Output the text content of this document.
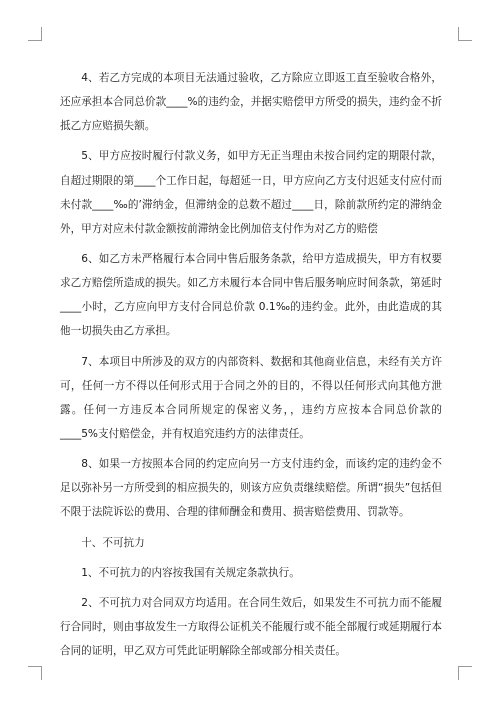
4、若乙方完成的本项目无法通过验收，乙方除应立即返工直至验收合格外，还应承担本合同总价款____%的违约金，并据实赔偿甲方所受的损失，违约金不折抵乙方应赔损失额。

5、甲方应按时履行付款义务，如甲方无正当理由未按合同约定的期限付款，自超过期限的第____个工作日起，每超延一日，甲方应向乙方支付迟延支付应付而未付款____‰的’滞纳金，但滞纳金的总数不超过____日，除前款所约定的滞纳金外，甲方对应未付款金额按前滞纳金比例加倍支付作为对乙方的赔偿

6、如乙方未严格履行本合同中售后服务条款，给甲方造成损失，甲方有权要求乙方赔偿所造成的损失。如乙方未履行本合同中售后服务响应时间条款，第延时____小时，乙方应向甲方支付合同总价款 0.1‰的违约金。此外，由此造成的其他一切损失由乙方承担。

7、本项目中所涉及的双方的内部资料、数据和其他商业信息，未经有关方许可，任何一方不得以任何形式用于合同之外的目的，不得以任何形式向其他方泄露。任何一方违反本合同所规定的保密义务，，违约方应按本合同总价款的____5%支付赔偿金，并有权追究违约方的法律责任。

8、如果一方按照本合同的约定应向另一方支付违约金，而该约定的违约金不足以弥补另一方所受到的相应损失的，则该方应负责继续赔偿。所谓“损失”包括但不限于法院诉讼的费用、合理的律师酬金和费用、损害赔偿费用、罚款等。

十、不可抗力

1、不可抗力的内容按我国有关规定条款执行。

2、不可抗力对合同双方均适用。在合同生效后，如果发生不可抗力而不能履行合同时，则由事故发生一方取得公证机关不能履行或不能全部履行或延期履行本合同的证明，甲乙双方可凭此证明解除全部或部分相关责任。
